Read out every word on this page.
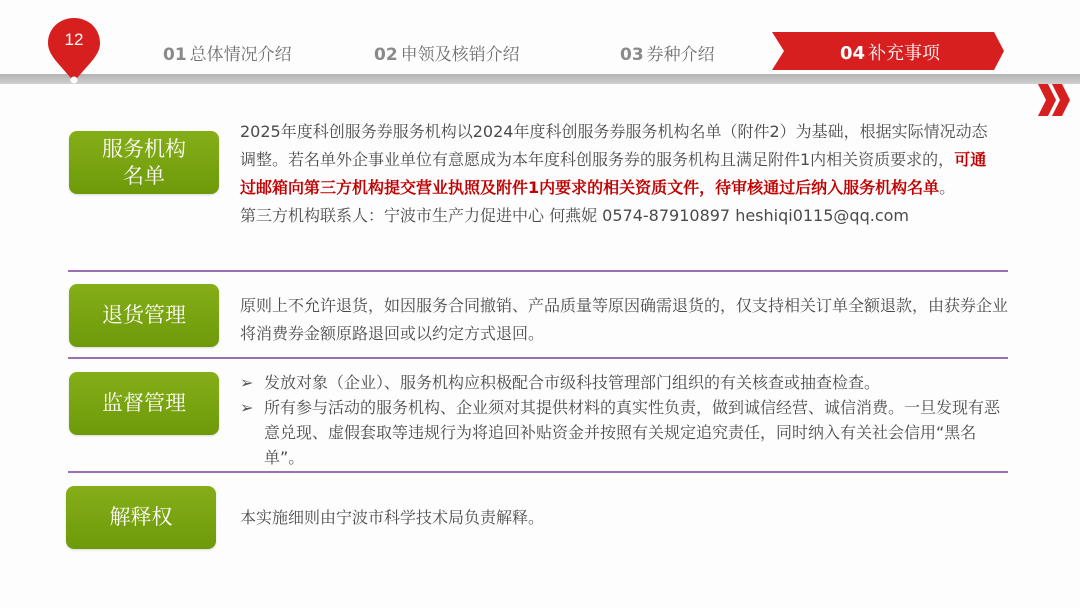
12
01 总体情况介绍	02 申领及核销介绍	03 券种介绍	04 补充事项
服务机构
名单
2025年度科创服务券服务机构以2024年度科创服务券服务机构名单（附件2）为基础，根据实际情况动态调整。若名单外企事业单位有意愿成为本年度科创服务券的服务机构且满足附件1内相关资质要求的，可通过邮箱向第三方机构提交营业执照及附件1内要求的相关资质文件，待审核通过后纳入服务机构名单。
第三方机构联系人：宁波市生产力促进中心 何燕妮 0574-87910897 heshiqi0115@qq.com
退货管理	原则上不允许退货，如因服务合同撤销、产品质量等原因确需退货的，仅支持相关订单全额退款，由获券企业将消费券金额原路退回或以约定方式退回。
监督管理
➢ 发放对象（企业）、服务机构应积极配合市级科技管理部门组织的有关核查或抽查检查。
➢ 所有参与活动的服务机构、企业须对其提供材料的真实性负责，做到诚信经营、诚信消费。一旦发现有恶意兑现、虚假套取等违规行为将追回补贴资金并按照有关规定追究责任，同时纳入有关社会信用“黑名单”。
解释权	本实施细则由宁波市科学技术局负责解释。
